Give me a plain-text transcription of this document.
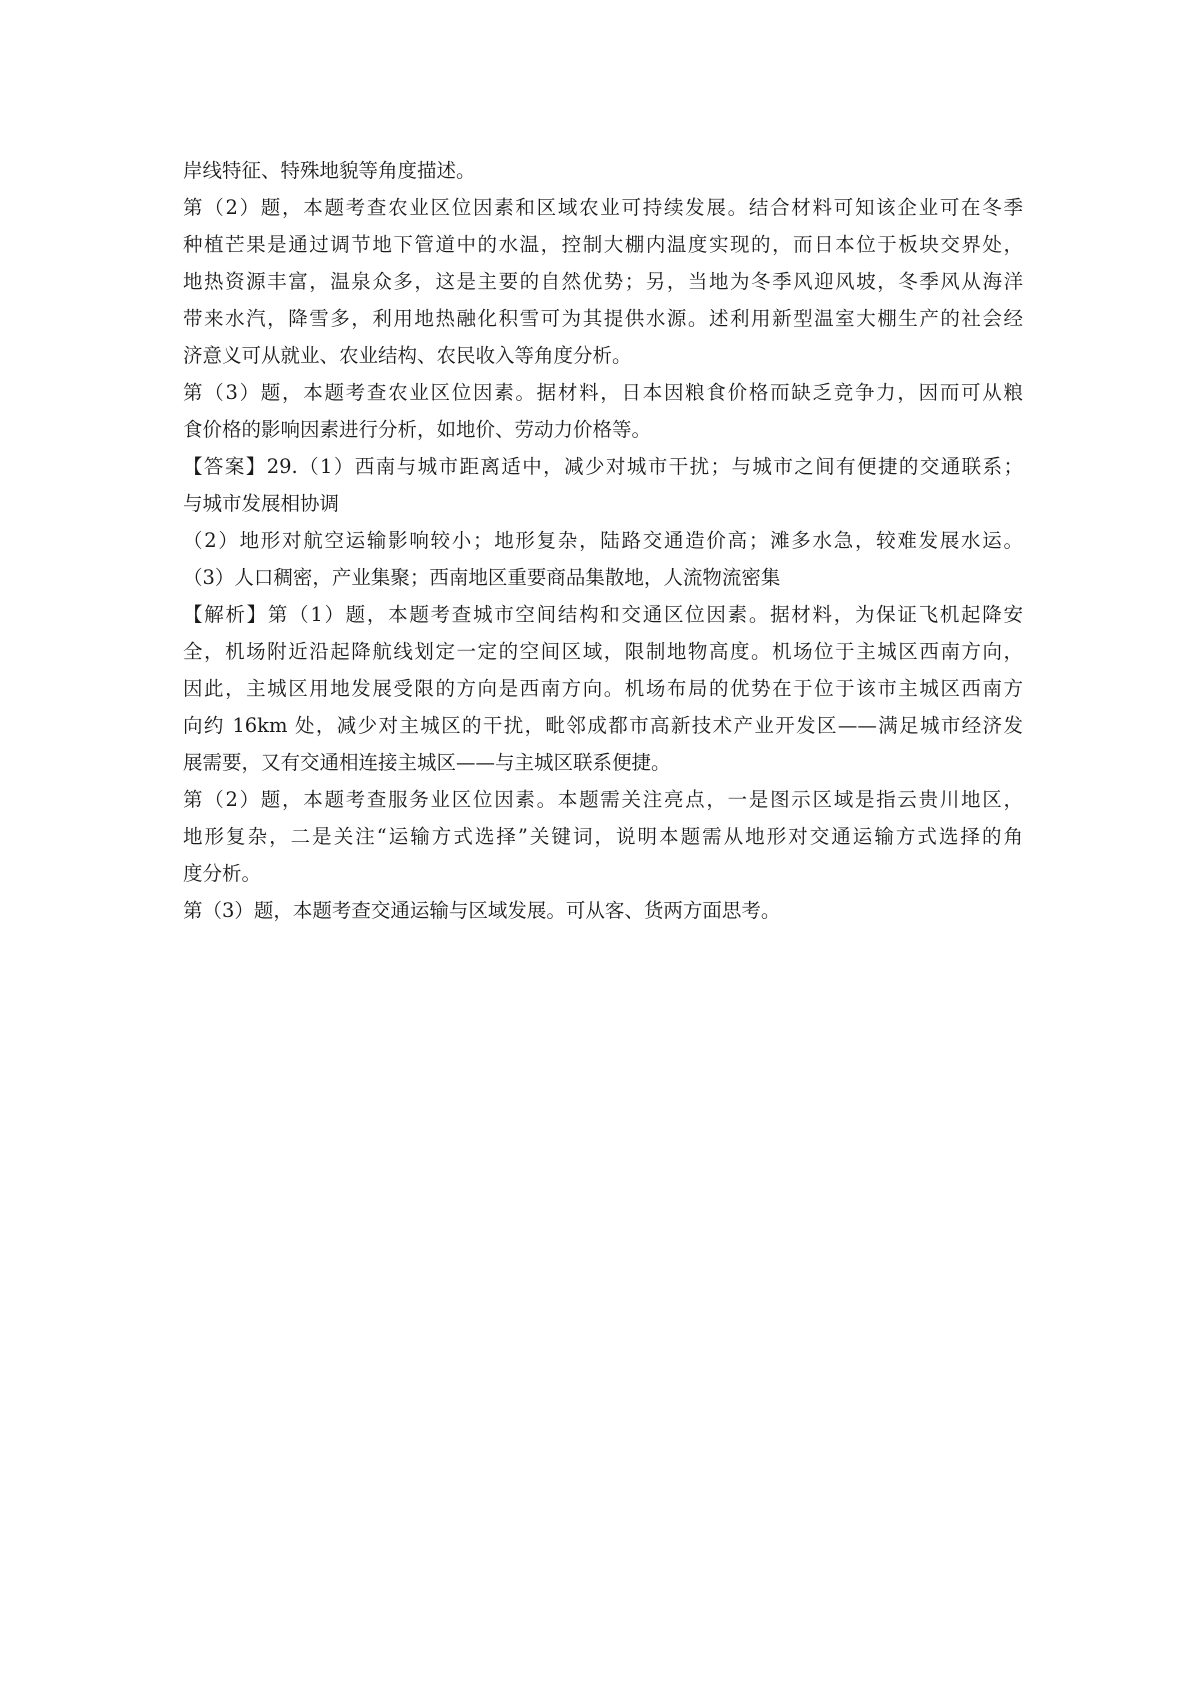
岸线特征、特殊地貌等角度描述。

第（2）题，本题考查农业区位因素和区域农业可持续发展。结合材料可知该企业可在冬季

种植芒果是通过调节地下管道中的水温，控制大棚内温度实现的，而日本位于板块交界处，

地热资源丰富，温泉众多，这是主要的自然优势；另，当地为冬季风迎风坡，冬季风从海洋

带来水汽，降雪多，利用地热融化积雪可为其提供水源。述利用新型温室大棚生产的社会经

济意义可从就业、农业结构、农民收入等角度分析。

第（3）题，本题考查农业区位因素。据材料，日本因粮食价格而缺乏竞争力，因而可从粮

食价格的影响因素进行分析，如地价、劳动力价格等。

【答案】29.（1）西南与城市距离适中，减少对城市干扰；与城市之间有便捷的交通联系；

与城市发展相协调

（2）地形对航空运输影响较小；地形复杂，陆路交通造价高；滩多水急，较难发展水运。

（3）人口稠密，产业集聚；西南地区重要商品集散地，人流物流密集

【解析】第（1）题，本题考查城市空间结构和交通区位因素。据材料，为保证飞机起降安

全，机场附近沿起降航线划定一定的空间区域，限制地物高度。机场位于主城区西南方向，

因此，主城区用地发展受限的方向是西南方向。机场布局的优势在于位于该市主城区西南方

向约 16km 处，减少对主城区的干扰，毗邻成都市高新技术产业开发区——满足城市经济发

展需要，又有交通相连接主城区——与主城区联系便捷。

第（2）题，本题考查服务业区位因素。本题需关注亮点，一是图示区域是指云贵川地区，

地形复杂，二是关注“运输方式选择”关键词，说明本题需从地形对交通运输方式选择的角

度分析。

第（3）题，本题考查交通运输与区域发展。可从客、货两方面思考。
